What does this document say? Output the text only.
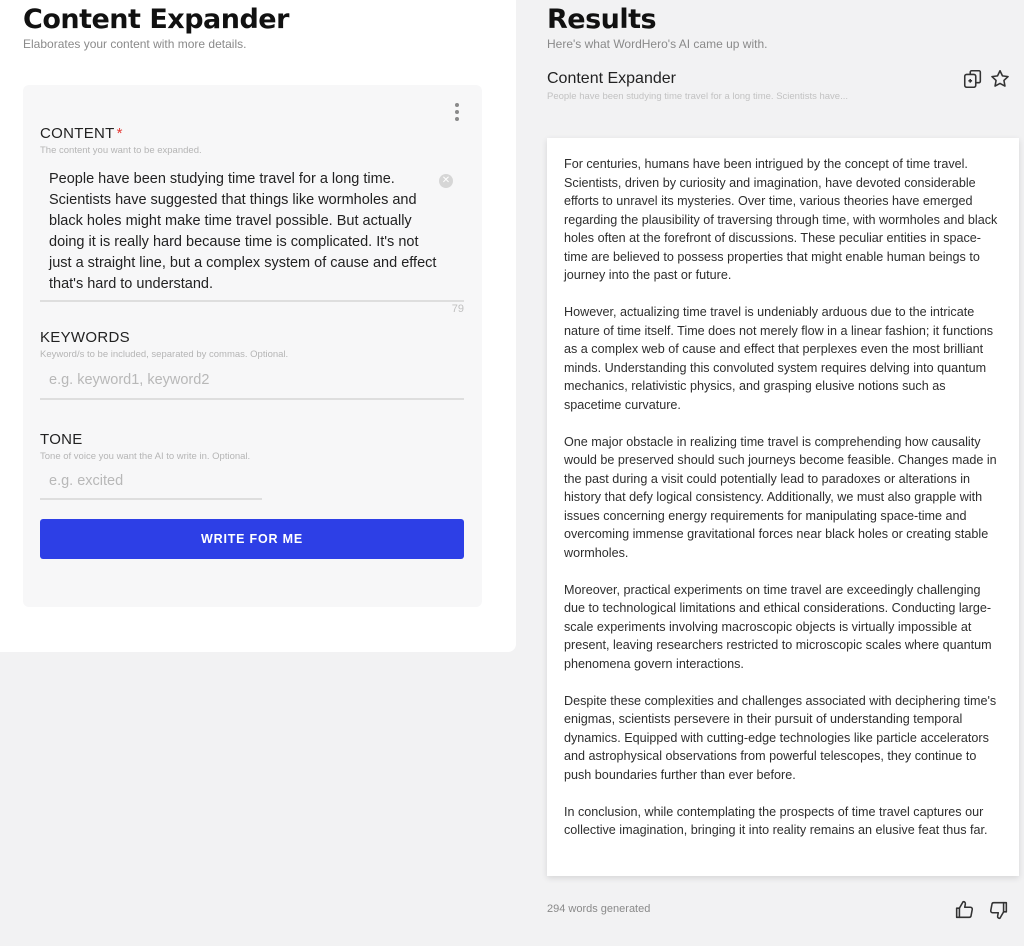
Content Expander
Elaborates your content with more details.
CONTENT *
The content you want to be expanded.
People have been studying time travel for a long time. Scientists have suggested that things like wormholes and black holes might make time travel possible. But actually doing it is really hard because time is complicated. It's not just a straight line, but a complex system of cause and effect that's hard to understand.
✕
79
KEYWORDS
Keyword/s to be included, separated by commas. Optional.
e.g. keyword1, keyword2
TONE
Tone of voice you want the AI to write in. Optional.
e.g. excited
WRITE FOR ME
Results
Here's what WordHero's AI came up with.
Content Expander
People have been studying time travel for a long time. Scientists have...

For centuries, humans have been intrigued by the concept of time travel. Scientists, driven by curiosity and imagination, have devoted considerable efforts to unravel its mysteries. Over time, various theories have emerged regarding the plausibility of traversing through time, with wormholes and black holes often at the forefront of discussions. These peculiar entities in space-time are believed to possess properties that might enable human beings to journey into the past or future.

However, actualizing time travel is undeniably arduous due to the intricate nature of time itself. Time does not merely flow in a linear fashion; it functions as a complex web of cause and effect that perplexes even the most brilliant minds. Understanding this convoluted system requires delving into quantum mechanics, relativistic physics, and grasping elusive notions such as spacetime curvature.

One major obstacle in realizing time travel is comprehending how causality would be preserved should such journeys become feasible. Changes made in the past during a visit could potentially lead to paradoxes or alterations in history that defy logical consistency. Additionally, we must also grapple with issues concerning energy requirements for manipulating space-time and overcoming immense gravitational forces near black holes or creating stable wormholes.

Moreover, practical experiments on time travel are exceedingly challenging due to technological limitations and ethical considerations. Conducting large-scale experiments involving macroscopic objects is virtually impossible at present, leaving researchers restricted to microscopic scales where quantum phenomena govern interactions.

Despite these complexities and challenges associated with deciphering time's enigmas, scientists persevere in their pursuit of understanding temporal dynamics. Equipped with cutting-edge technologies like particle accelerators and astrophysical observations from powerful telescopes, they continue to push boundaries further than ever before.

In conclusion, while contemplating the prospects of time travel captures our collective imagination, bringing it into reality remains an elusive feat thus far.

294 words generated
